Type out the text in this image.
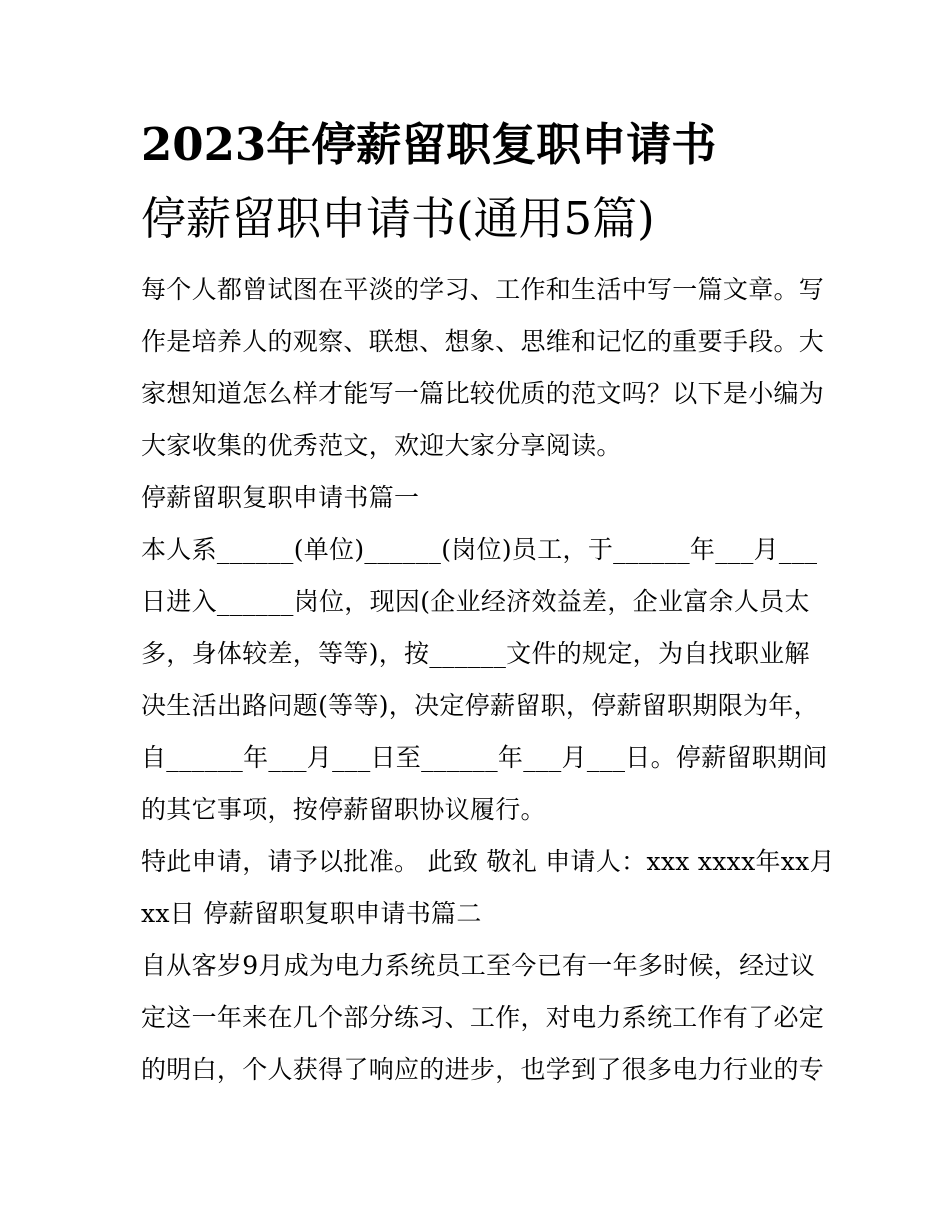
2023年停薪留职复职申请书
停薪留职申请书(通用5篇)

每个人都曾试图在平淡的学习、工作和生活中写一篇文章。写
作是培养人的观察、联想、想象、思维和记忆的重要手段。大
家想知道怎么样才能写一篇比较优质的范文吗？以下是小编为
大家收集的优秀范文，欢迎大家分享阅读。

停薪留职复职申请书篇一

本人系______(单位)______(岗位)员工，于______年___月___
日进入______岗位，现因(企业经济效益差，企业富余人员太
多，身体较差，等等)，按______文件的规定，为自找职业解
决生活出路问题(等等)，决定停薪留职，停薪留职期限为年，
自______年___月___日至______年___月___日。停薪留职期间
的其它事项，按停薪留职协议履行。

特此申请，请予以批准。 此致 敬礼 申请人：xxx xxxx年xx月
xx日 停薪留职复职申请书篇二

自从客岁9月成为电力系统员工至今已有一年多时候，经过议
定这一年来在几个部分练习、工作，对电力系统工作有了必定
的明白，个人获得了响应的进步，也学到了很多电力行业的专
